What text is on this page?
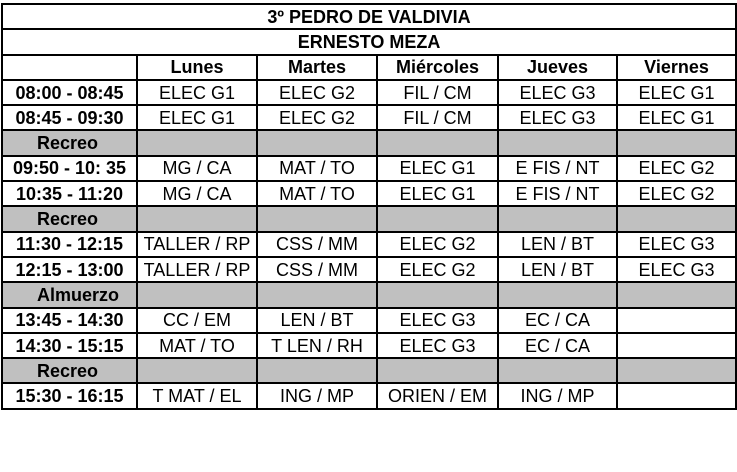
3º PEDRO DE VALDIVIA					
ERNESTO MEZA					
	Lunes	Martes	Miércoles	Jueves	Viernes
08:00 - 08:45	ELEC G1	ELEC G2	FIL / CM	ELEC G3	ELEC G1
08:45 - 09:30	ELEC G1	ELEC G2	FIL / CM	ELEC G3	ELEC G1
Recreo					
09:50 - 10: 35	MG / CA	MAT / TO	ELEC G1	E FIS / NT	ELEC G2
10:35 - 11:20	MG / CA	MAT / TO	ELEC G1	E FIS / NT	ELEC G2
Recreo					
11:30 - 12:15	TALLER / RP	CSS / MM	ELEC G2	LEN / BT	ELEC G3
12:15 - 13:00	TALLER / RP	CSS / MM	ELEC G2	LEN / BT	ELEC G3
Almuerzo					
13:45 - 14:30	CC / EM	LEN / BT	ELEC G3	EC / CA	
14:30 - 15:15	MAT / TO	T LEN / RH	ELEC G3	EC / CA	
Recreo					
15:30 - 16:15	T MAT / EL	ING / MP	ORIEN / EM	ING / MP	
